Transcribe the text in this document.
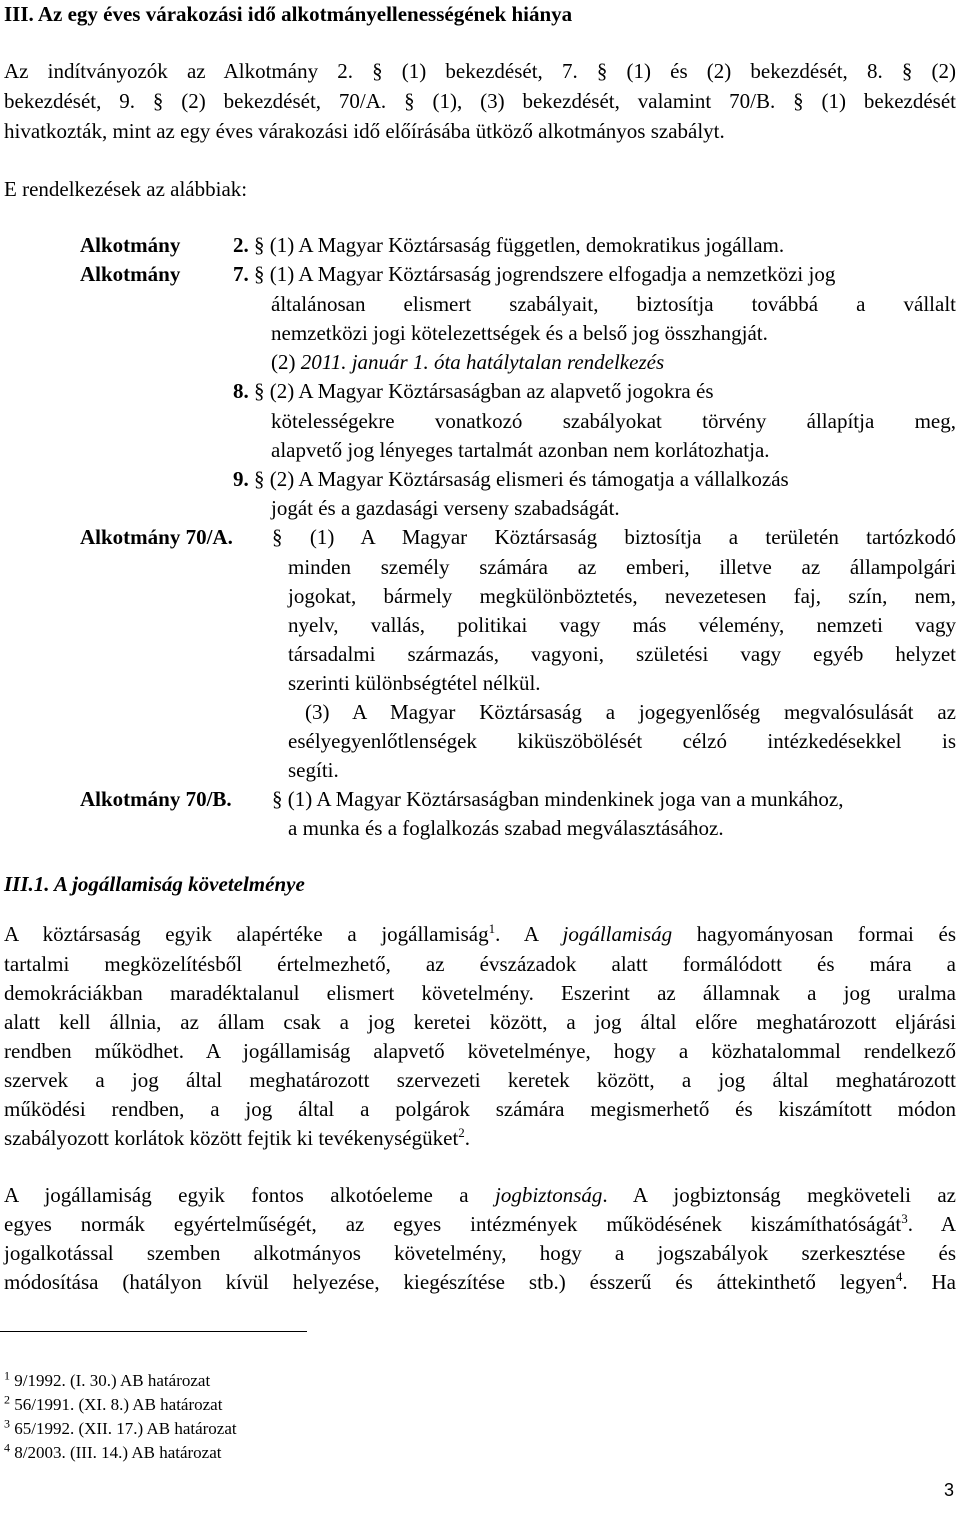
III. Az egy éves várakozási idő alkotmányellenességének hiánya
Az indítványozók az Alkotmány 2. § (1) bekezdését, 7. § (1) és (2) bekezdését, 8. § (2)
bekezdését, 9. § (2) bekezdését, 70/A. § (1), (3) bekezdését, valamint 70/B. § (1) bekezdését
hivatkozták, mint az egy éves várakozási idő előírásába ütköző alkotmányos szabályt.
E rendelkezések az alábbiak:
Alkotmány	2. § (1) A Magyar Köztársaság független, demokratikus jogállam.
Alkotmány	7. § (1) A Magyar Köztársaság jogrendszere elfogadja a nemzetközi jog
általánosan elismert szabályait, biztosítja továbbá a vállalt
nemzetközi jogi kötelezettségek és a belső jog összhangját.
(2) 2011. január 1. óta hatálytalan rendelkezés
8. § (2) A Magyar Köztársaságban az alapvető jogokra és
kötelességekre vonatkozó szabályokat törvény állapítja meg,
alapvető jog lényeges tartalmát azonban nem korlátozhatja.
9. § (2) A Magyar Köztársaság elismeri és támogatja a vállalkozás
jogát és a gazdasági verseny szabadságát.
Alkotmány 70/A. § (1) A Magyar Köztársaság biztosítja a területén tartózkodó
minden személy számára az emberi, illetve az állampolgári
jogokat, bármely megkülönböztetés, nevezetesen faj, szín, nem,
nyelv, vallás, politikai vagy más vélemény, nemzeti vagy
társadalmi származás, vagyoni, születési vagy egyéb helyzet
szerinti különbségtétel nélkül.
(3) A Magyar Köztársaság a jogegyenlőség megvalósulását az
esélyegyenlőtlenségek kiküszöbölését célzó intézkedésekkel is
segíti.
Alkotmány 70/B. § (1) A Magyar Köztársaságban mindenkinek joga van a munkához,
a munka és a foglalkozás szabad megválasztásához.
III.1. A jogállamiság követelménye
A köztársaság egyik alapértéke a jogállamiság$^1$. A jogállamiság hagyományosan formai és
tartalmi megközelítésből értelmezhető, az évszázadok alatt formálódott és mára a
demokráciákban maradéktalanul elismert követelmény. Eszerint az államnak a jog uralma
alatt kell állnia, az állam csak a jog keretei között, a jog által előre meghatározott eljárási
rendben működhet. A jogállamiság alapvető követelménye, hogy a közhatalommal rendelkező
szervek a jog által meghatározott szervezeti keretek között, a jog által meghatározott
működési rendben, a jog által a polgárok számára megismerhető és kiszámított módon
szabályozott korlátok között fejtik ki tevékenységüket$^2$.
A jogállamiság egyik fontos alkotóeleme a jogbiztonság. A jogbiztonság megköveteli az
egyes normák egyértelműségét, az egyes intézmények működésének kiszámíthatóságát$^3$. A
jogalkotással szemben alkotmányos követelmény, hogy a jogszabályok szerkesztése és
módosítása (hatályon kívül helyezése, kiegészítése stb.) ésszerű és áttekinthető legyen$^4$. Ha
$^1$ 9/1992. (I. 30.) AB határozat
$^2$ 56/1991. (XI. 8.) AB határozat
$^3$ 65/1992. (XII. 17.) AB határozat
$^4$ 8/2003. (III. 14.) AB határozat
3
